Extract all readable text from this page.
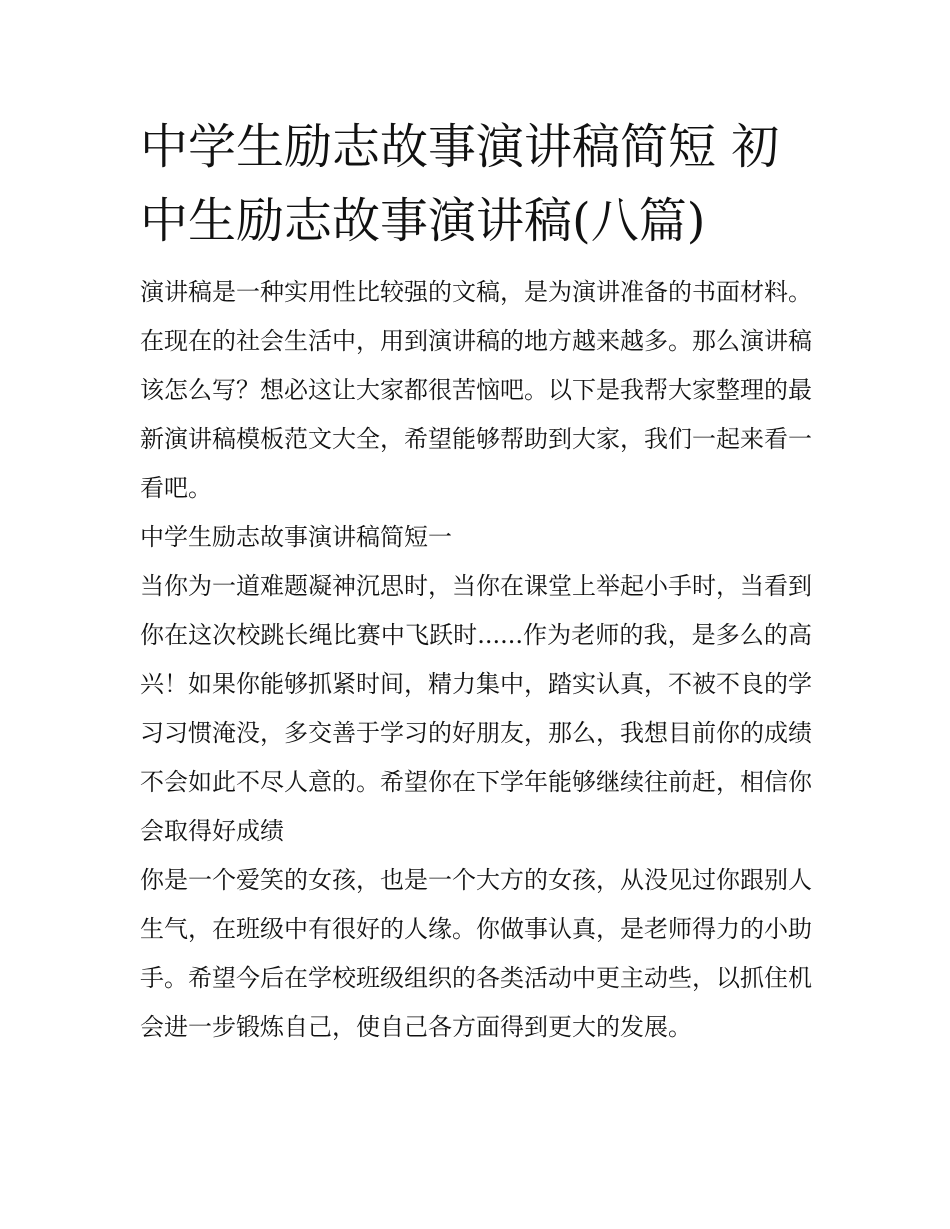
中学生励志故事演讲稿简短 初中生励志故事演讲稿(八篇)

演讲稿是一种实用性比较强的文稿，是为演讲准备的书面材料。在现在的社会生活中，用到演讲稿的地方越来越多。那么演讲稿该怎么写？想必这让大家都很苦恼吧。以下是我帮大家整理的最新演讲稿模板范文大全，希望能够帮助到大家，我们一起来看一看吧。

中学生励志故事演讲稿简短一

当你为一道难题凝神沉思时，当你在课堂上举起小手时，当看到你在这次校跳长绳比赛中飞跃时......作为老师的我，是多么的高兴！如果你能够抓紧时间，精力集中，踏实认真，不被不良的学习习惯淹没，多交善于学习的好朋友，那么，我想目前你的成绩不会如此不尽人意的。希望你在下学年能够继续往前赶，相信你会取得好成绩

你是一个爱笑的女孩，也是一个大方的女孩，从没见过你跟别人生气，在班级中有很好的人缘。你做事认真，是老师得力的小助手。希望今后在学校班级组织的各类活动中更主动些，以抓住机会进一步锻炼自己，使自己各方面得到更大的发展。
